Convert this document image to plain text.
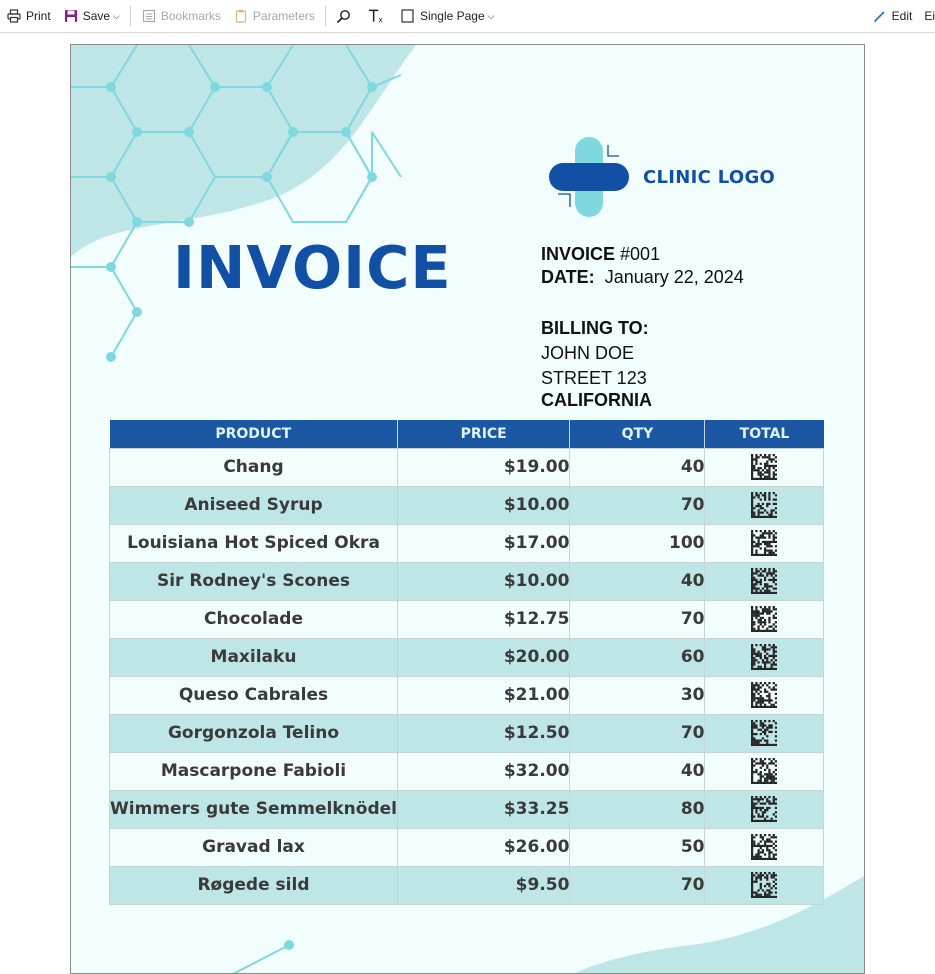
Print	Save ⌵	Bookmarks	Parameters	x	Single Page ⌵	Edit Ei
CLINIC LOGO
INVOICE	INVOICE #001
DATE: January 22, 2024
BILLING TO:
JOHN DOE
STREET 123
CALIFORNIA
PRODUCT	PRICE	QTY	TOTAL
Chang	$19.00	40	

Aniseed Syrup	$10.00	70	

Louisiana Hot Spiced Okra	$17.00	100	

Sir Rodney's Scones	$10.00	40	

Chocolade	$12.75	70	

Maxilaku	$20.00	60	

Queso Cabrales	$21.00	30	

Gorgonzola Telino	$12.50	70	

Mascarpone Fabioli	$32.00	40	

Wimmers gute Semmelknödel	$33.25	80	

Gravad lax	$26.00	50	

Røgede sild	$9.50	70	
